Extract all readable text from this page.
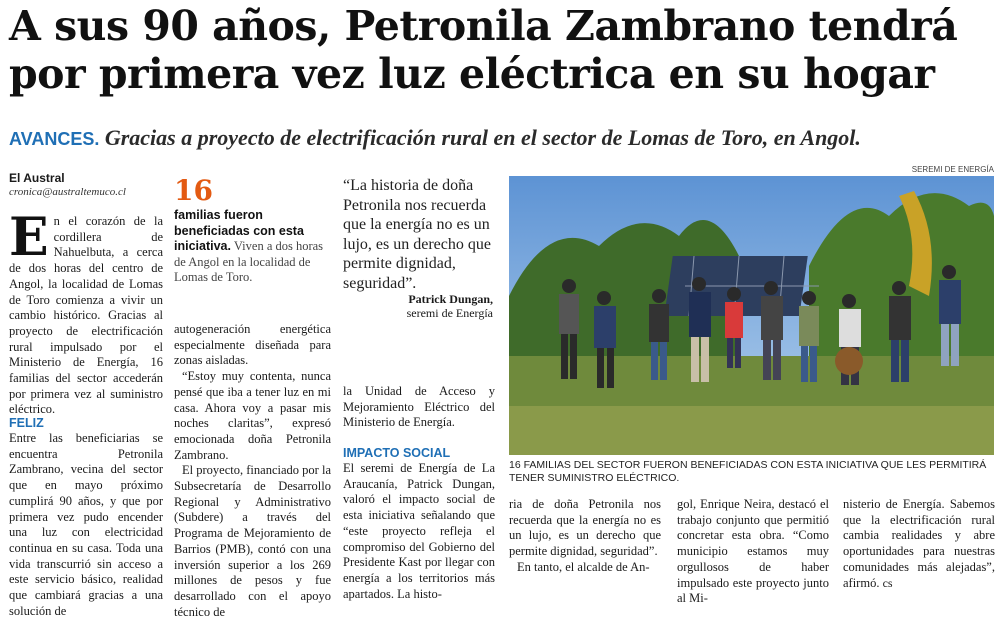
A sus 90 años, Petronila Zambrano tendrá
por primera vez luz eléctrica en su hogar
AVANCES. Gracias a proyecto de electrificación rural en el sector de Lomas de Toro, en Angol.
El Austral
cronica@australtemuco.cl
E n el corazón de la cordillera de Nahuelbuta, a cerca de dos horas del centro de Angol, la localidad de Lomas de Toro comienza a vivir un cambio histórico. Gracias al proyecto de electrificación rural impulsado por el Ministerio de Energía, 16 familias del sector accederán por primera vez al suministro eléctrico.
FELIZ
Entre las beneficiarias se encuentra Petronila Zambrano, vecina del sector que en mayo próximo cumplirá 90 años, y que por primera vez pudo encender una luz con electricidad continua en su casa. Toda una vida transcurrió sin acceso a este servicio básico, realidad que cambiará gracias a una solución de
16
familias fueron beneficiadas con esta iniciativa. Viven a dos horas de Angol en la localidad de Lomas de Toro.
autogeneración energética especialmente diseñada para zonas aisladas.
“Estoy muy contenta, nunca pensé que iba a tener luz en mi casa. Ahora voy a pasar mis noches claritas”, expresó emocionada doña Petronila Zambrano.
El proyecto, financiado por la Subsecretaría de Desarrollo Regional y Administrativo (Subdere) a través del Programa de Mejoramiento de Barrios (PMB), contó con una inversión superior a los 269 millones de pesos y fue desarrollado con el apoyo técnico de
“La historia de doña Petronila nos recuerda que la energía no es un lujo, es un derecho que permite dignidad, seguridad”.
Patrick Dungan,
seremi de Energía
la Unidad de Acceso y Mejoramiento Eléctrico del Ministerio de Energía.
IMPACTO SOCIAL
El seremi de Energía de La Araucanía, Patrick Dungan, valoró el impacto social de esta iniciativa señalando que “este proyecto refleja el compromiso del Gobierno del Presidente Kast por llegar con energía a los territorios más apartados. La histo-
SEREMI DE ENERGÍA
16 FAMILIAS DEL SECTOR FUERON BENEFICIADAS CON ESTA INICIATIVA QUE LES PERMITIRÁ TENER SUMINISTRO ELÉCTRICO.
ria de doña Petronila nos recuerda que la energía no es un lujo, es un derecho que permite dignidad, seguridad”.
En tanto, el alcalde de An-
gol, Enrique Neira, destacó el trabajo conjunto que permitió concretar esta obra. “Como municipio estamos muy orgullosos de haber impulsado este proyecto junto al Mi-
nisterio de Energía. Sabemos que la electrificación rural cambia realidades y abre oportunidades para nuestras comunidades más alejadas”, afirmó. cs
